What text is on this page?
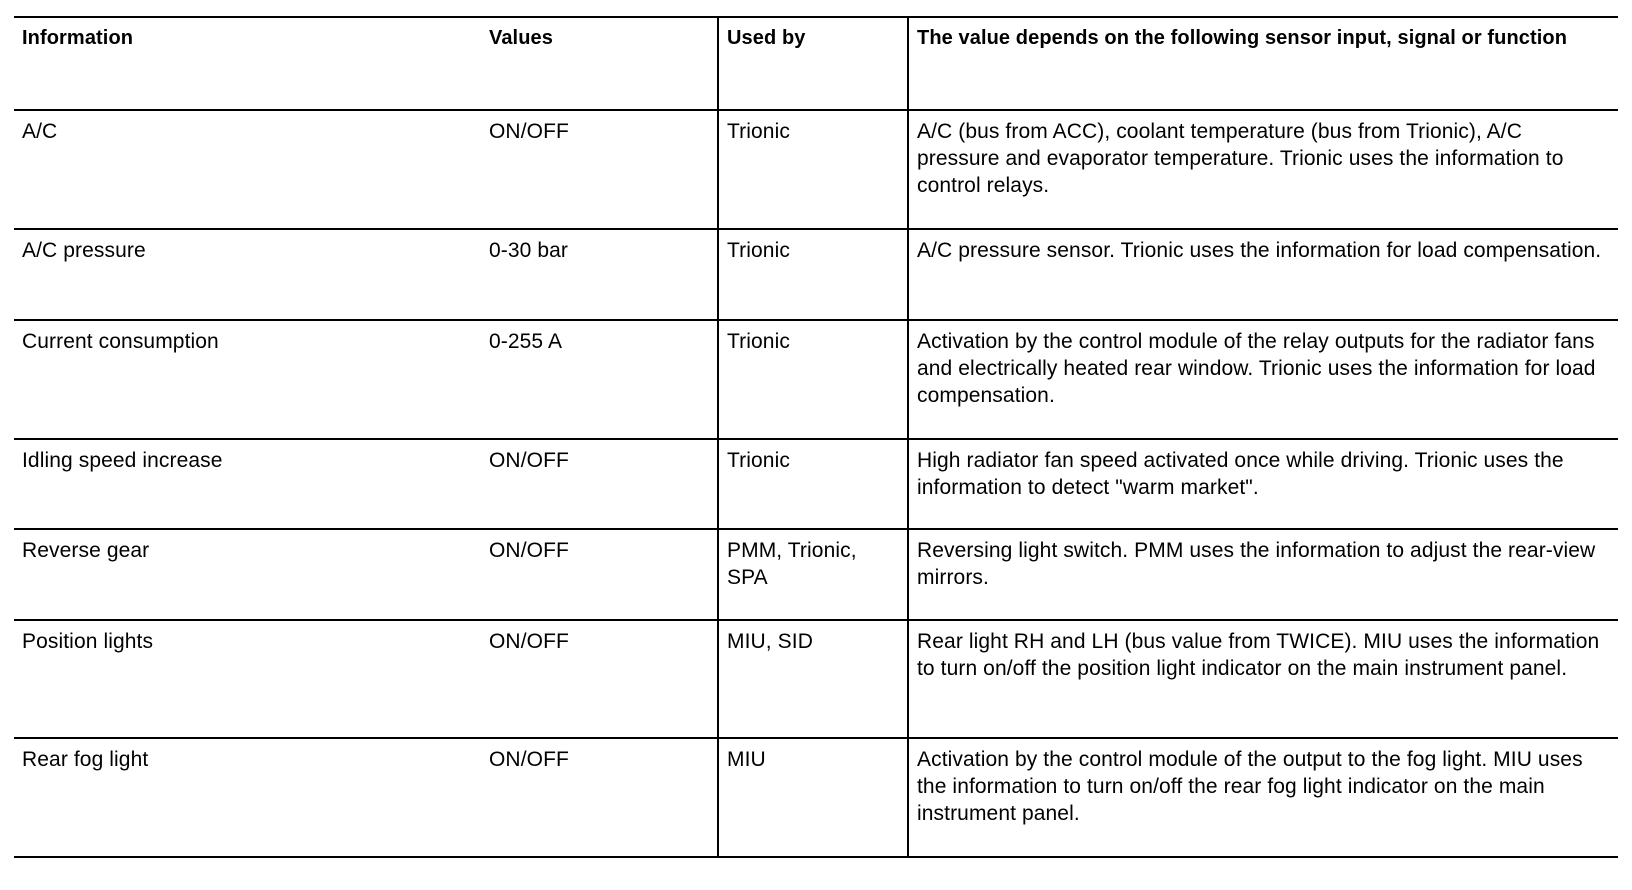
Information	Values	Used by	The value depends on the following sensor input, signal or function
A/C	ON/OFF	Trionic	A/C (bus from ACC), coolant temperature (bus from Trionic), A/C pressure and evaporator temperature. Trionic uses the information to control relays.
A/C pressure	0-30 bar	Trionic	A/C pressure sensor. Trionic uses the information for load compensation.
Current consumption	0-255 A	Trionic	Activation by the control module of the relay outputs for the radiator fans and electrically heated rear window. Trionic uses the information for load compensation.
Idling speed increase	ON/OFF	Trionic	High radiator fan speed activated once while driving. Trionic uses the information to detect "warm market".
Reverse gear	ON/OFF	PMM, Trionic, SPA	Reversing light switch. PMM uses the information to adjust the rear-view mirrors.
Position lights	ON/OFF	MIU, SID	Rear light RH and LH (bus value from TWICE). MIU uses the information to turn on/off the position light indicator on the main instrument panel.
Rear fog light	ON/OFF	MIU	Activation by the control module of the output to the fog light. MIU uses the information to turn on/off the rear fog light indicator on the main instrument panel.
